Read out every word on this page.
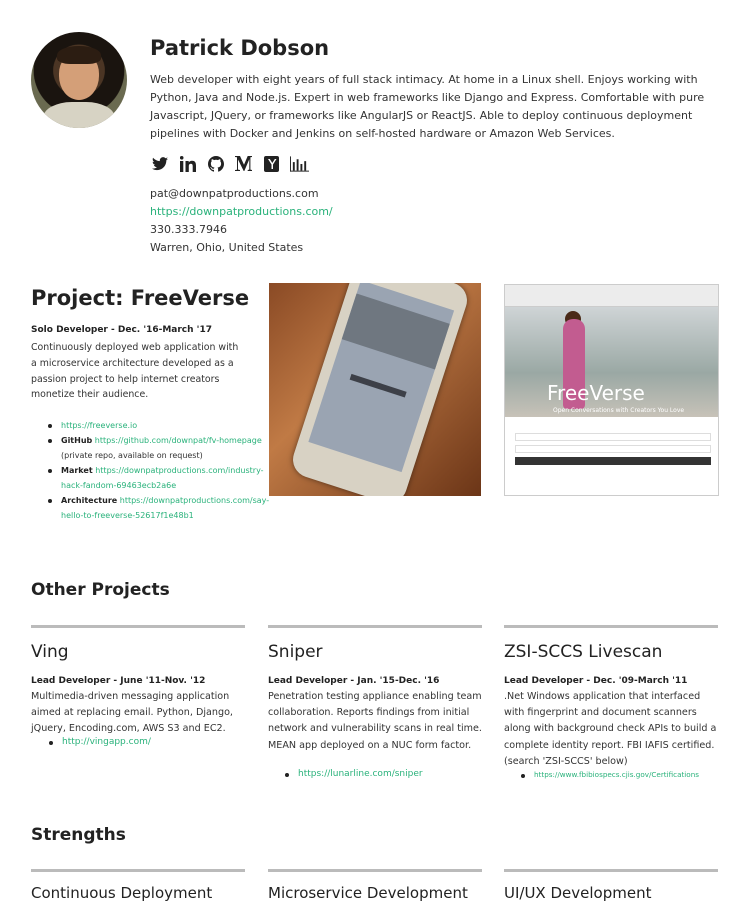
Patrick Dobson
Web developer with eight years of full stack intimacy. At home in a Linux shell. Enjoys working with Python, Java and Node.js. Expert in web frameworks like Django and Express. Comfortable with pure Javascript, JQuery, or frameworks like AngularJS or ReactJS. Able to deploy continuous deployment pipelines with Docker and Jenkins on self-hosted hardware or Amazon Web Services.
pat@downpatproductions.com
https://downpatproductions.com/
330.333.7946
Warren, Ohio, United States
Project: FreeVerse
Solo Developer - Dec. '16-March '17
Continuously deployed web application with a microservice architecture developed as a passion project to help internet creators monetize their audience.
https://freeverse.io
GitHub https://github.com/downpat/fv-homepage (private repo, available on request)
Market https://downpatproductions.com/industry-hack-fandom-69463ecb2a6e
Architecture https://downpatproductions.com/say-hello-to-freeverse-52617f1e48b1
FreeVerse
Open Conversations with Creators You Love
Other Projects
Ving
Lead Developer - June '11-Nov. '12
Multimedia-driven messaging application aimed at replacing email. Python, Django, jQuery, Encoding.com, AWS S3 and EC2.
http://vingapp.com/
Sniper
Lead Developer - Jan. '15-Dec. '16
Penetration testing appliance enabling team collaboration. Reports findings from initial network and vulnerability scans in real time. MEAN app deployed on a NUC form factor.
https://lunarline.com/sniper
ZSI-SCCS Livescan
Lead Developer - Dec. '09-March '11
.Net Windows application that interfaced with fingerprint and document scanners along with background check APIs to build a complete identity report. FBI IAFIS certified. (search 'ZSI-SCCS' below)
https://www.fbibiospecs.cjis.gov/Certifications
Strengths
Continuous Deployment	Microservice Development UI/UX Development
